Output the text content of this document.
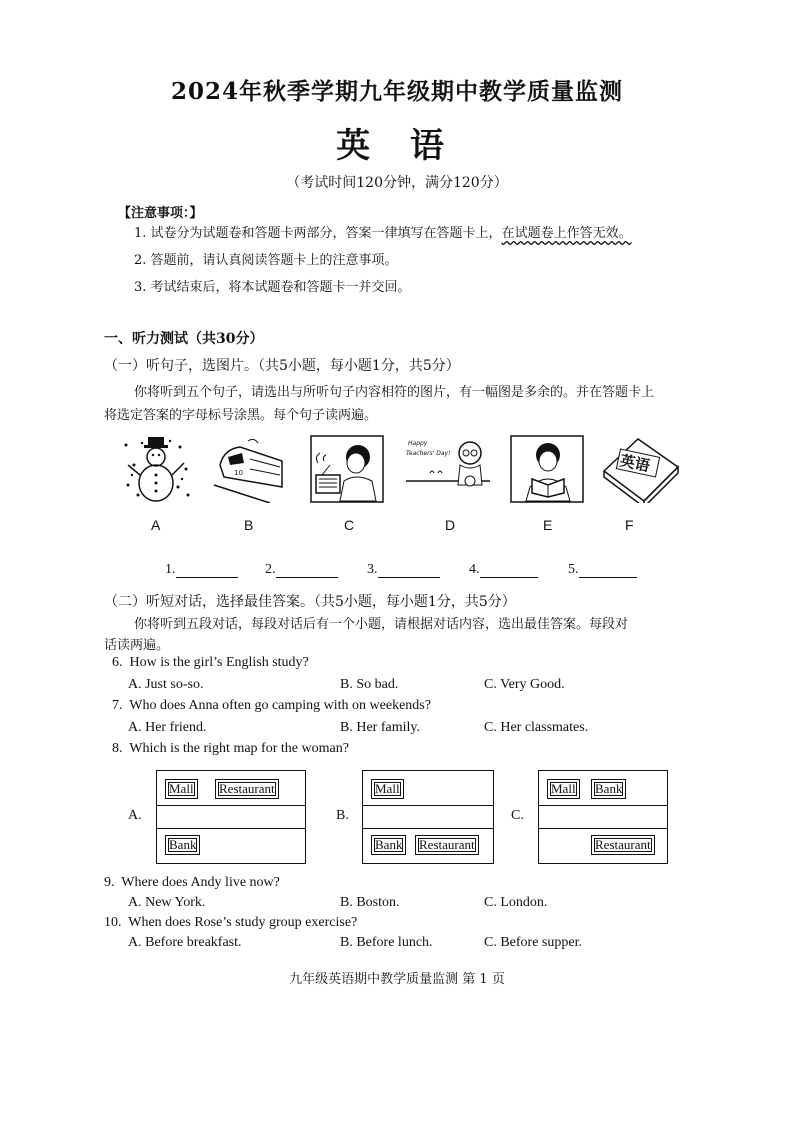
2024年秋季学期九年级期中教学质量监测
英 语
（考试时间120分钟，满分120分）
【注意事项：】
1. 试卷分为试题卷和答题卡两部分，答案一律填写在答题卡上，在试题卷上作答无效。
2. 答题前，请认真阅读答题卡上的注意事项。
3. 考试结束后，将本试题卷和答题卡一并交回。
一、听力测试（共30分）
（一）听句子，选图片。（共5小题，每小题1分，共5分）
你将听到五个句子，请选出与所听句子内容相符的图片，有一幅图是多余的。并在答题卡上
将选定答案的字母标号涂黑。每个句子读两遍。
10
Happy
Teachers' Day!	英语
A	B	C	D	E	F
1.	2.	3.	4.	5.
（二）听短对话，选择最佳答案。（共5小题，每小题1分，共5分）
你将听到五段对话，每段对话后有一个小题，请根据对话内容，选出最佳答案。每段对
话读两遍。
6. How is the girl’s English study?
A. Just so-so.	B. So bad.	C. Very Good.
7. Who does Anna often go camping with on weekends?
A. Her friend.	B. Her family.	C. Her classmates.
8. Which is the right map for the woman?
A.
Mall	Restaurant
Bank
B.
Mall
Bank	Restaurant
C.
Mall	Bank
Restaurant
9. Where does Andy live now?
A. New York.	B. Boston.	C. London.
10. When does Rose’s study group exercise?
A. Before breakfast.	B. Before lunch.	C. Before supper.
九年级英语期中教学质量监测 第 1 页
